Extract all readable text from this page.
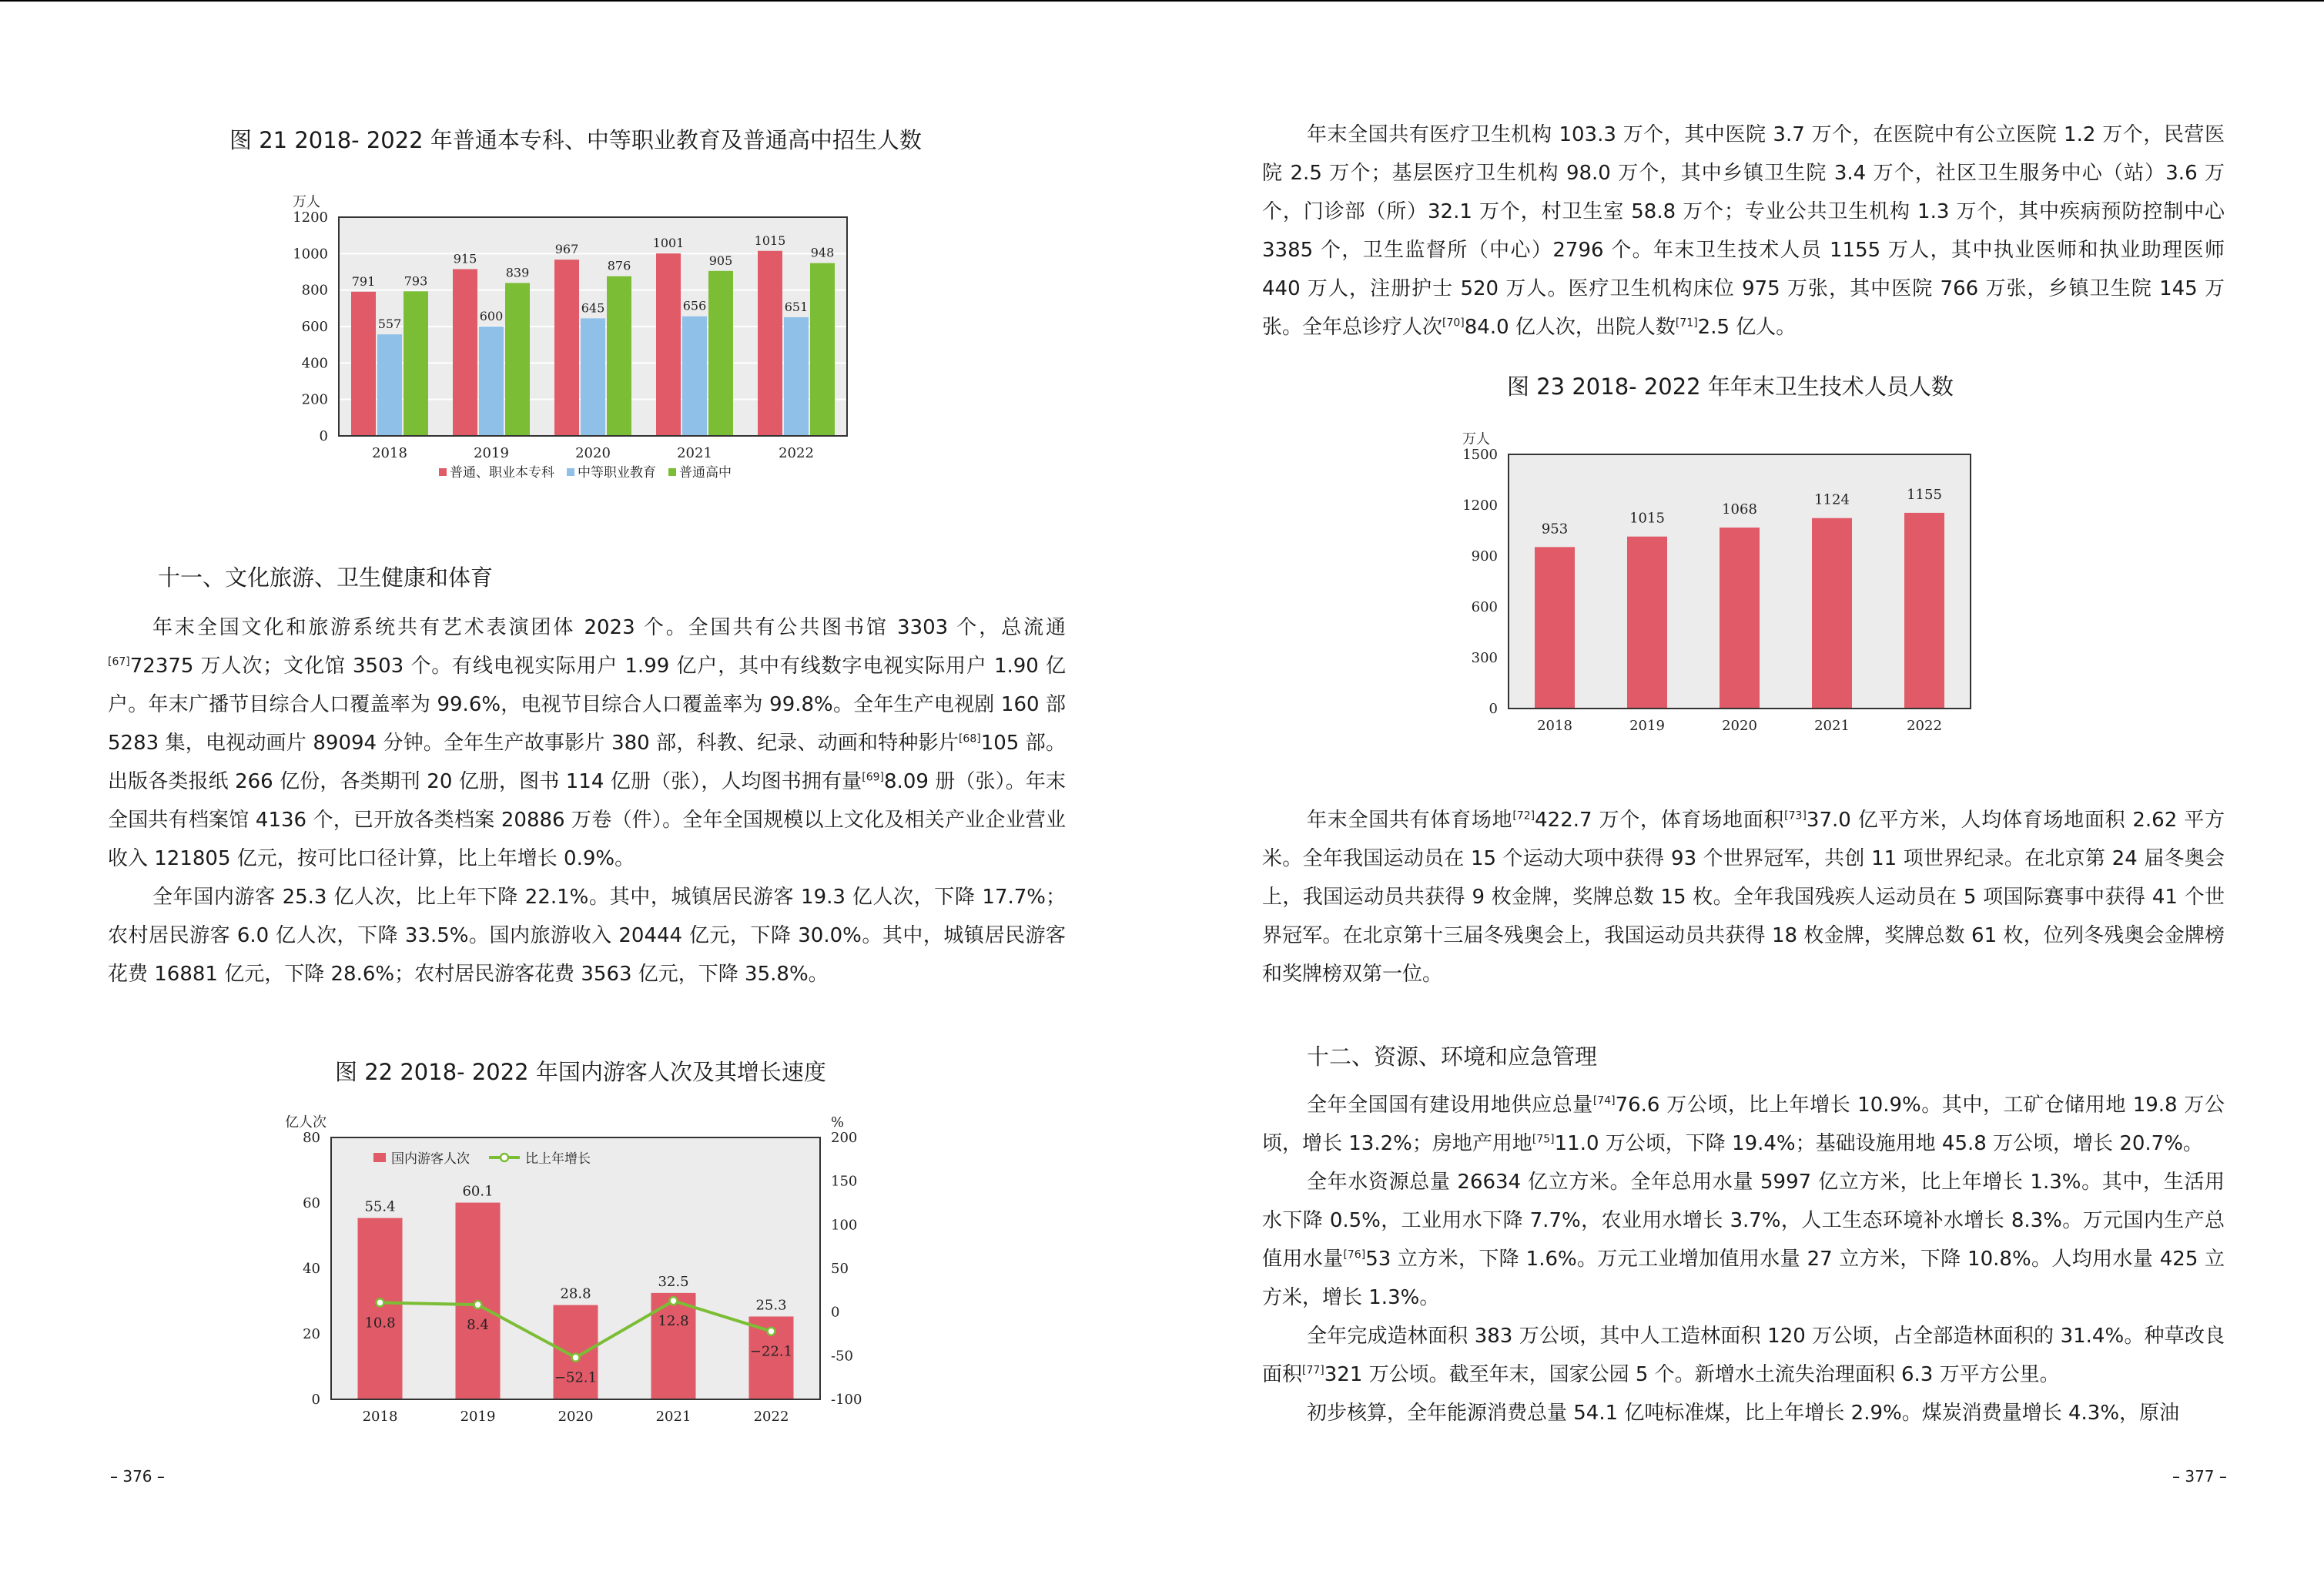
图 21 2018- 2022 年普通本专科、中等职业教育及普通高中招生人数
0
200
400
600
800
1000
1200
万人
791
557
793
2018
915
600
839
2019
967
645
876
2020
1001
656
905
2021
1015
651
948
2022
普通、职业本专科 中等职业教育 普通高中
十一、文化旅游、卫生健康和体育

年末全国文化和旅游系统共有艺术表演团体 2023 个。全国共有公共图书馆 3303 个，总流通[67]72375 万人次；文化馆 3503 个。有线电视实际用户 1.99 亿户，其中有线数字电视实际用户 1.90 亿户。年末广播节目综合人口覆盖率为 99.6%，电视节目综合人口覆盖率为 99.8%。全年生产电视剧 160 部 5283 集，电视动画片 89094 分钟。全年生产故事影片 380 部，科教、纪录、动画和特种影片[68]105 部。出版各类报纸 266 亿份，各类期刊 20 亿册，图书 114 亿册（张），人均图书拥有量[69]8.09 册（张）。年末全国共有档案馆 4136 个，已开放各类档案 20886 万卷（件）。全年全国规模以上文化及相关产业企业营业收入 121805 亿元，按可比口径计算，比上年增长 0.9%。

全年国内游客 25.3 亿人次，比上年下降 22.1%。其中，城镇居民游客 19.3 亿人次，下降 17.7%；农村居民游客 6.0 亿人次，下降 33.5%。国内旅游收入 20444 亿元，下降 30.0%。其中，城镇居民游客花费 16881 亿元，下降 28.6%；农村居民游客花费 3563 亿元，下降 35.8%。

图 22 2018- 2022 年国内游客人次及其增长速度
0
20
40
60
80
-100
-50
0
50
100
150
200
亿人次	%
55.4
2018
60.1
2019
28.8
2020
32.5
2021
25.3
2022
10.8	8.4
−52.1
12.8
−22.1
国内游客人次	比上年增长
– 376 –

年末全国共有医疗卫生机构 103.3 万个，其中医院 3.7 万个，在医院中有公立医院 1.2 万个，民营医院 2.5 万个；基层医疗卫生机构 98.0 万个，其中乡镇卫生院 3.4 万个，社区卫生服务中心（站）3.6 万个，门诊部（所）32.1 万个，村卫生室 58.8 万个；专业公共卫生机构 1.3 万个，其中疾病预防控制中心 3385 个，卫生监督所（中心）2796 个。年末卫生技术人员 1155 万人，其中执业医师和执业助理医师 440 万人，注册护士 520 万人。医疗卫生机构床位 975 万张，其中医院 766 万张，乡镇卫生院 145 万张。全年总诊疗人次[70]84.0 亿人次，出院人数[71]2.5 亿人。

图 23 2018- 2022 年年末卫生技术人员人数
0
300
600
900
1200
1500
万人
953
2018
1015
2019
1068
2020
1124
2021
1155
2022

年末全国共有体育场地[72]422.7 万个，体育场地面积[73]37.0 亿平方米，人均体育场地面积 2.62 平方米。全年我国运动员在 15 个运动大项中获得 93 个世界冠军，共创 11 项世界纪录。在北京第 24 届冬奥会上，我国运动员共获得 9 枚金牌，奖牌总数 15 枚。全年我国残疾人运动员在 5 项国际赛事中获得 41 个世界冠军。在北京第十三届冬残奥会上，我国运动员共获得 18 枚金牌，奖牌总数 61 枚，位列冬残奥会金牌榜和奖牌榜双第一位。

十二、资源、环境和应急管理

全年全国国有建设用地供应总量[74]76.6 万公顷，比上年增长 10.9%。其中，工矿仓储用地 19.8 万公顷，增长 13.2%；房地产用地[75]11.0 万公顷，下降 19.4%；基础设施用地 45.8 万公顷，增长 20.7%。

全年水资源总量 26634 亿立方米。全年总用水量 5997 亿立方米，比上年增长 1.3%。其中，生活用水下降 0.5%，工业用水下降 7.7%，农业用水增长 3.7%，人工生态环境补水增长 8.3%。万元国内生产总值用水量[76]53 立方米，下降 1.6%。万元工业增加值用水量 27 立方米，下降 10.8%。人均用水量 425 立方米，增长 1.3%。

全年完成造林面积 383 万公顷，其中人工造林面积 120 万公顷，占全部造林面积的 31.4%。种草改良面积[77]321 万公顷。截至年末，国家公园 5 个。新增水土流失治理面积 6.3 万平方公里。

初步核算，全年能源消费总量 54.1 亿吨标准煤，比上年增长 2.9%。煤炭消费量增长 4.3%，原油

– 377 –
